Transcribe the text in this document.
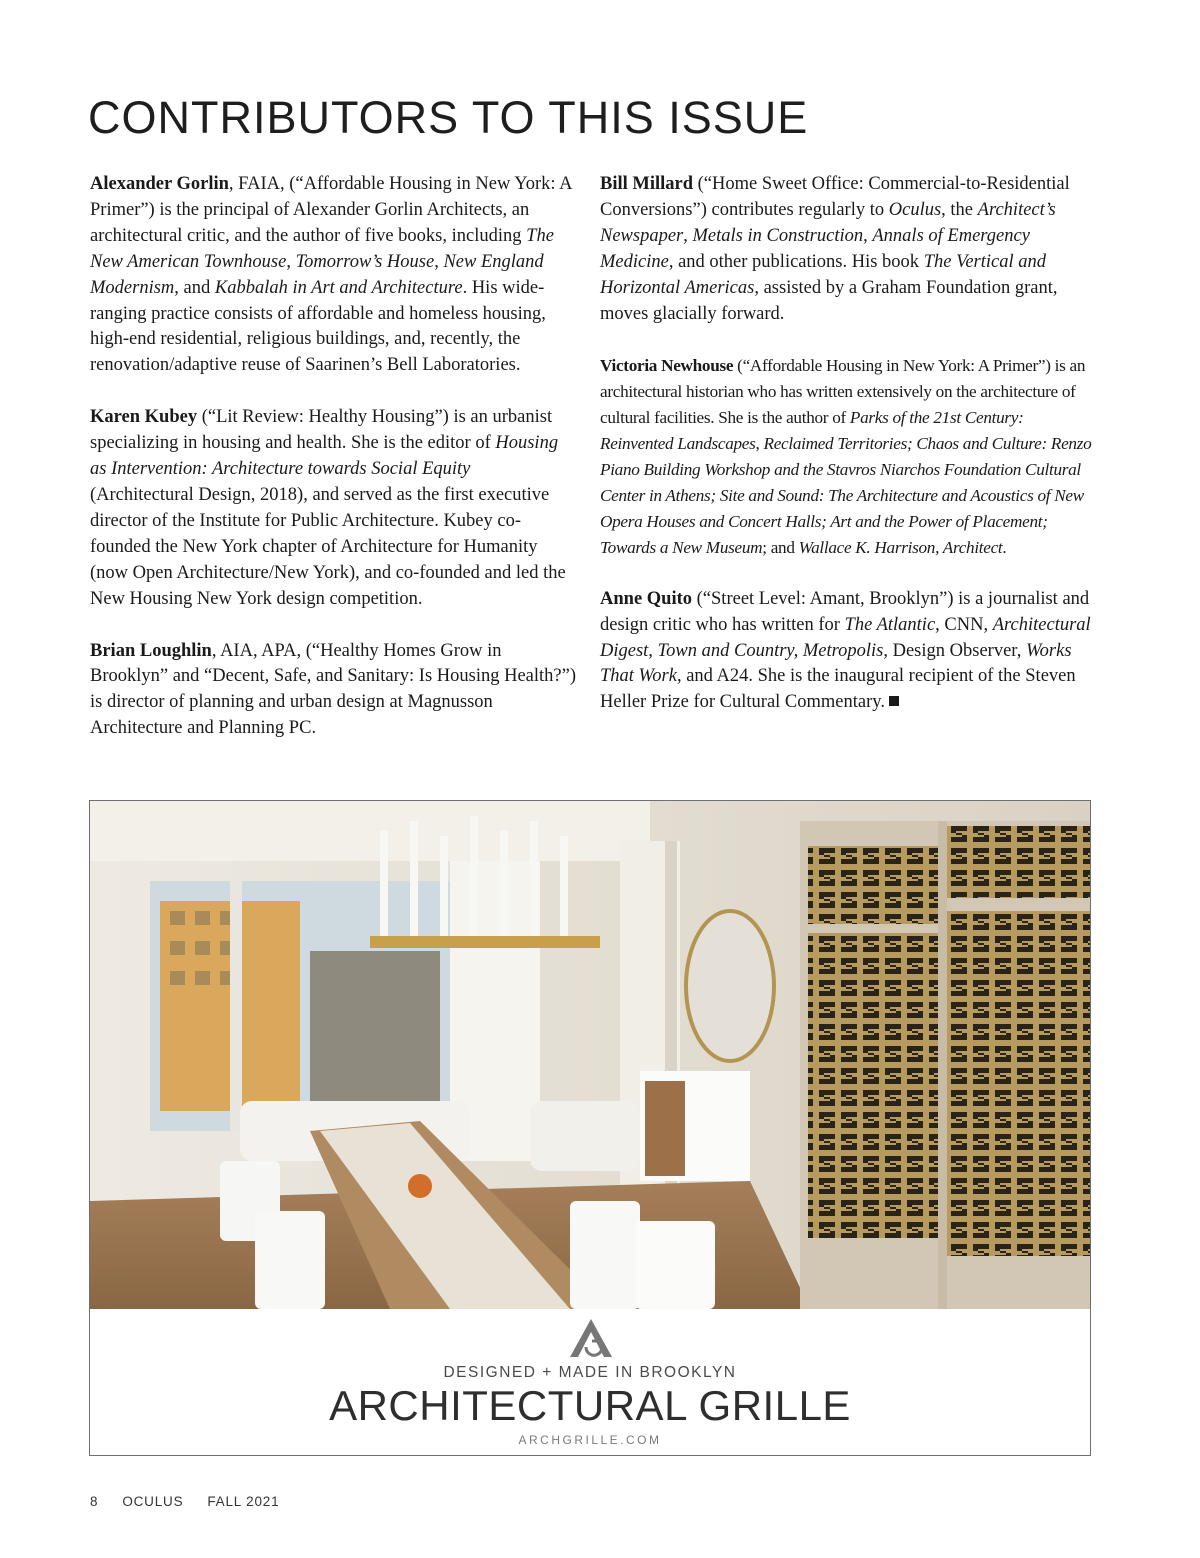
CONTRIBUTORS TO THIS ISSUE

Alexander Gorlin, FAIA, (“Affordable Housing in New York: A Primer”) is the principal of Alexander Gorlin Architects, an architectural critic, and the author of five books, including The New American Townhouse, Tomorrow’s House, New England Modernism, and Kabbalah in Art and Architecture. His wide-ranging practice consists of affordable and homeless housing, high-end residential, religious buildings, and, recently, the renovation/adaptive reuse of Saarinen’s Bell Laboratories.

Karen Kubey (“Lit Review: Healthy Housing”) is an urbanist specializing in housing and health. She is the editor of Housing as Intervention: Architecture towards Social Equity (Architectural Design, 2018), and served as the first executive director of the Institute for Public Architecture. Kubey co-founded the New York chapter of Architecture for Humanity (now Open Architecture/New York), and co-founded and led the New Housing New York design competition.

Brian Loughlin, AIA, APA, (“Healthy Homes Grow in Brooklyn” and “Decent, Safe, and Sanitary: Is Housing Health?”) is director of planning and urban design at Magnusson Architecture and Planning PC.

Bill Millard (“Home Sweet Office: Commercial-to-Residential Conversions”) contributes regularly to Oculus, the Architect’s Newspaper, Metals in Construction, Annals of Emergency Medicine, and other publications. His book The Vertical and Horizontal Americas, assisted by a Graham Foundation grant, moves glacially forward.

Victoria Newhouse (“Affordable Housing in New York: A Primer”) is an architectural historian who has written extensively on the architecture of cultural facilities. She is the author of Parks of the 21st Century: Reinvented Landscapes, Reclaimed Territories; Chaos and Culture: Renzo Piano Building Workshop and the Stavros Niarchos Foundation Cultural Center in Athens; Site and Sound: The Architecture and Acoustics of New Opera Houses and Concert Halls; Art and the Power of Placement; Towards a New Museum; and Wallace K. Harrison, Architect.

Anne Quito (“Street Level: Amant, Brooklyn”) is a journalist and design critic who has written for The Atlantic, CNN, Architectural Digest, Town and Country, Metropolis, Design Observer, Works That Work, and A24. She is the inaugural recipient of the Steven Heller Prize for Cultural Commentary.

DESIGNED + MADE IN BROOKLYN
ARCHITECTURAL GRILLE
ARCHGRILLE.COM
8 OCULUS FALL 2021
